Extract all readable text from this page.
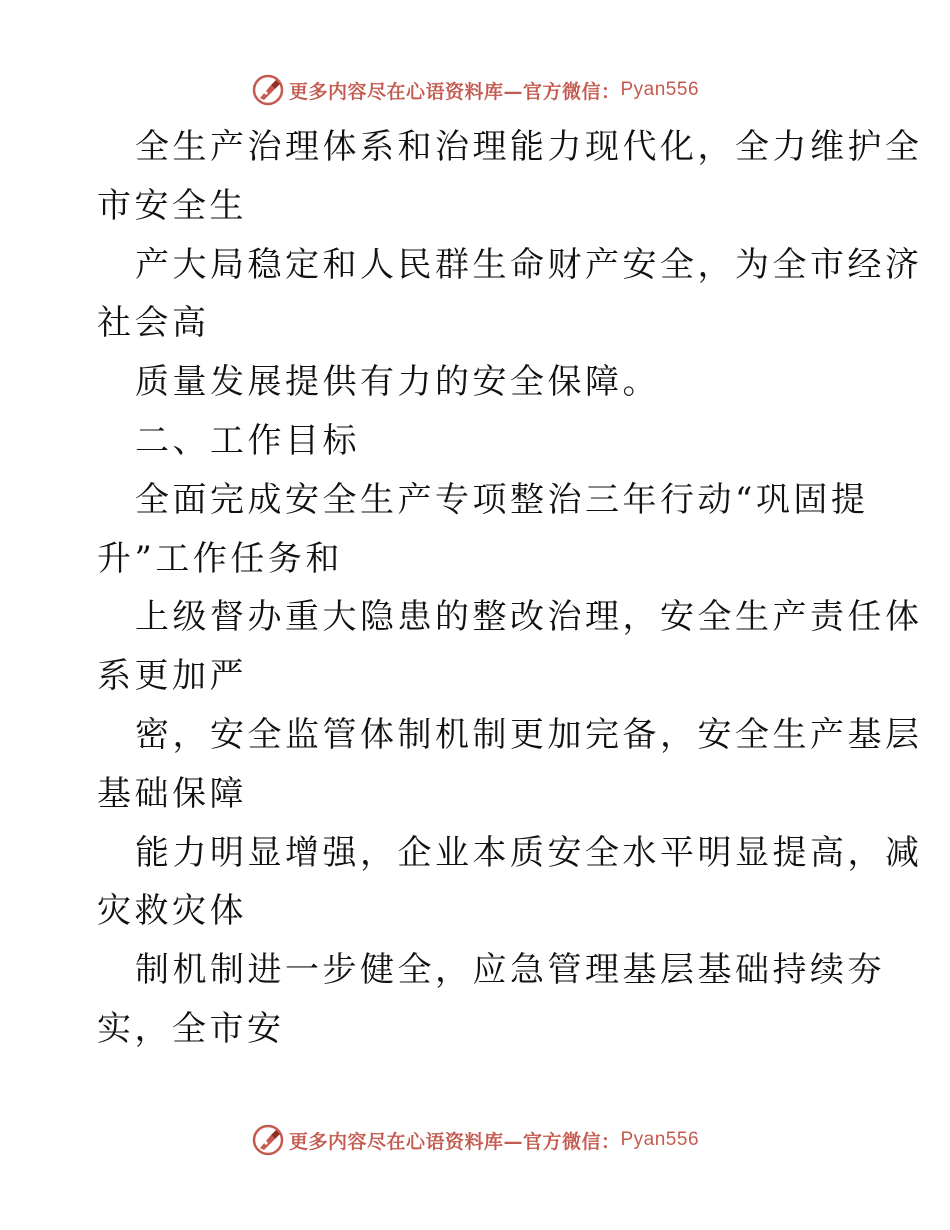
更多内容尽在心语资料库—官方微信： Pyan556
全生产治理体系和治理能力现代化，全力维护全
市安全生
产大局稳定和人民群生命财产安全，为全市经济
社会高
质量发展提供有力的安全保障。
二、工作目标
全面完成安全生产专项整治三年行动“巩固提
升”工作任务和
上级督办重大隐患的整改治理，安全生产责任体
系更加严
密，安全监管体制机制更加完备，安全生产基层
基础保障
能力明显增强，企业本质安全水平明显提高，减
灾救灾体
制机制进一步健全，应急管理基层基础持续夯
实，全市安
更多内容尽在心语资料库—官方微信： Pyan556
